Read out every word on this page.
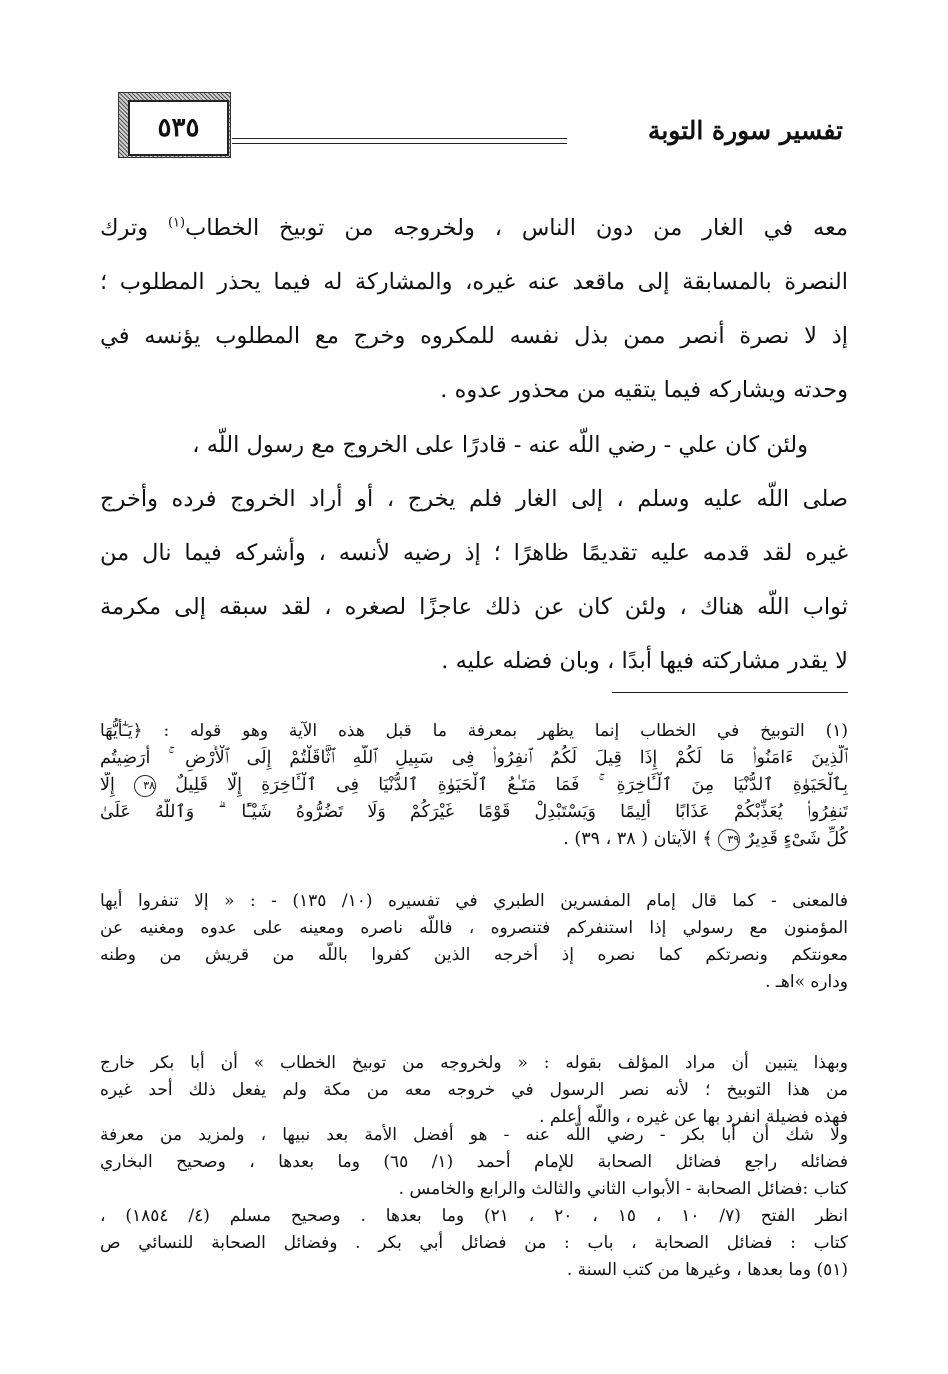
تفسير سورة التوبة
٥٣٥
معه في الغار من دون الناس ، ولخروجه من توبيخ الخطاب$^{(١)}$ وترك
النصرة بالمسابقة إلى ماقعد عنه غيره، والمشاركة له فيما يحذر المطلوب ؛
إذ لا نصرة أنصر ممن بذل نفسه للمكروه وخرج مع المطلوب يؤنسه في
وحدته ويشاركه فيما يتقيه من محذور عدوه .
ولئن كان علي - رضي اللّه عنه - قادرًا على الخروج مع رسول اللّه ،
صلى اللّه عليه وسلم ، إلى الغار فلم يخرج ، أو أراد الخروج فرده وأخرج
غيره لقد قدمه عليه تقديمًا ظاهرًا ؛ إذ رضيه لأنسه ، وأشركه فيما نال من
ثواب اللّه هناك ، ولئن كان عن ذلك عاجزًا لصغره ، لقد سبقه إلى مكرمة
لا يقدر مشاركته فيها أبدًا ، وبان فضله عليه .
(١) التوبيخ في الخطاب إنما يظهر بمعرفة ما قبل هذه الآية وهو قوله : ﴿يَـٰٓأَيُّهَا
ٱلَّذِينَ ءَامَنُوا۟ مَا لَكُمْ إِذَا قِيلَ لَكُمُ ٱنفِرُوا۟ فِى سَبِيلِ ٱللَّهِ ٱثَّاقَلْتُمْ إِلَى ٱلْأَرْضِ ۚ أَرَضِيتُم
بِٱلْحَيَوٰةِ ٱلدُّنْيَا مِنَ ٱلْـَٔاخِرَةِ ۚ فَمَا مَتَـٰعُ ٱلْحَيَوٰةِ ٱلدُّنْيَا فِى ٱلْـَٔاخِرَةِ إِلَّا قَلِيلٌ ٣٨ إِلَّا
تَنفِرُوا۟ يُعَذِّبْكُمْ عَذَابًا أَلِيمًا وَيَسْتَبْدِلْ قَوْمًا غَيْرَكُمْ وَلَا تَضُرُّوهُ شَيْـًٔا ۗ وَٱللَّهُ عَلَىٰ
كُلِّ شَىْءٍ قَدِيرٌ ٣٩ ﴾ الآيتان ( ٣٨ ، ٣٩) .
فالمعنى - كما قال إمام المفسرين الطبري في تفسيره (١٠/ ١٣٥) - : « إلا تنفروا أيها
المؤمنون مع رسولي إذا استنفركم فتنصروه ، فاللّه ناصره ومعينه على عدوه ومغنيه عن
معونتكم ونصرتكم كما نصره إذ أخرجه الذين كفروا باللّه من قريش من وطنه
وداره »اهـ .
وبهذا يتبين أن مراد المؤلف بقوله : « ولخروجه من توبيخ الخطاب » أن أبا بكر خارج
من هذا التوبيخ ؛ لأنه نصر الرسول في خروجه معه من مكة ولم يفعل ذلك أحد غيره
فهذه فضيلة انفرد بها عن غيره ، واللّه أعلم .
ولا شك أن أبا بكر - رضي اللّه عنه - هو أفضل الأمة بعد نبيها ، ولمزيد من معرفة
فضائله راجع فضائل الصحابة للإمام أحمد (١/ ٦٥) وما بعدها ، وصحيح البخاري
كتاب :فضائل الصحابة - الأبواب الثاني والثالث والرابع والخامس .
انظر الفتح (٧/ ١٠ ، ١٥ ، ٢٠ ، ٢١) وما بعدها . وصحيح مسلم (٤/ ١٨٥٤) ،
كتاب : فضائل الصحابة ، باب : من فضائل أبي بكر . وفضائل الصحابة للنسائي ص
(٥١) وما بعدها ، وغيرها من كتب السنة .
